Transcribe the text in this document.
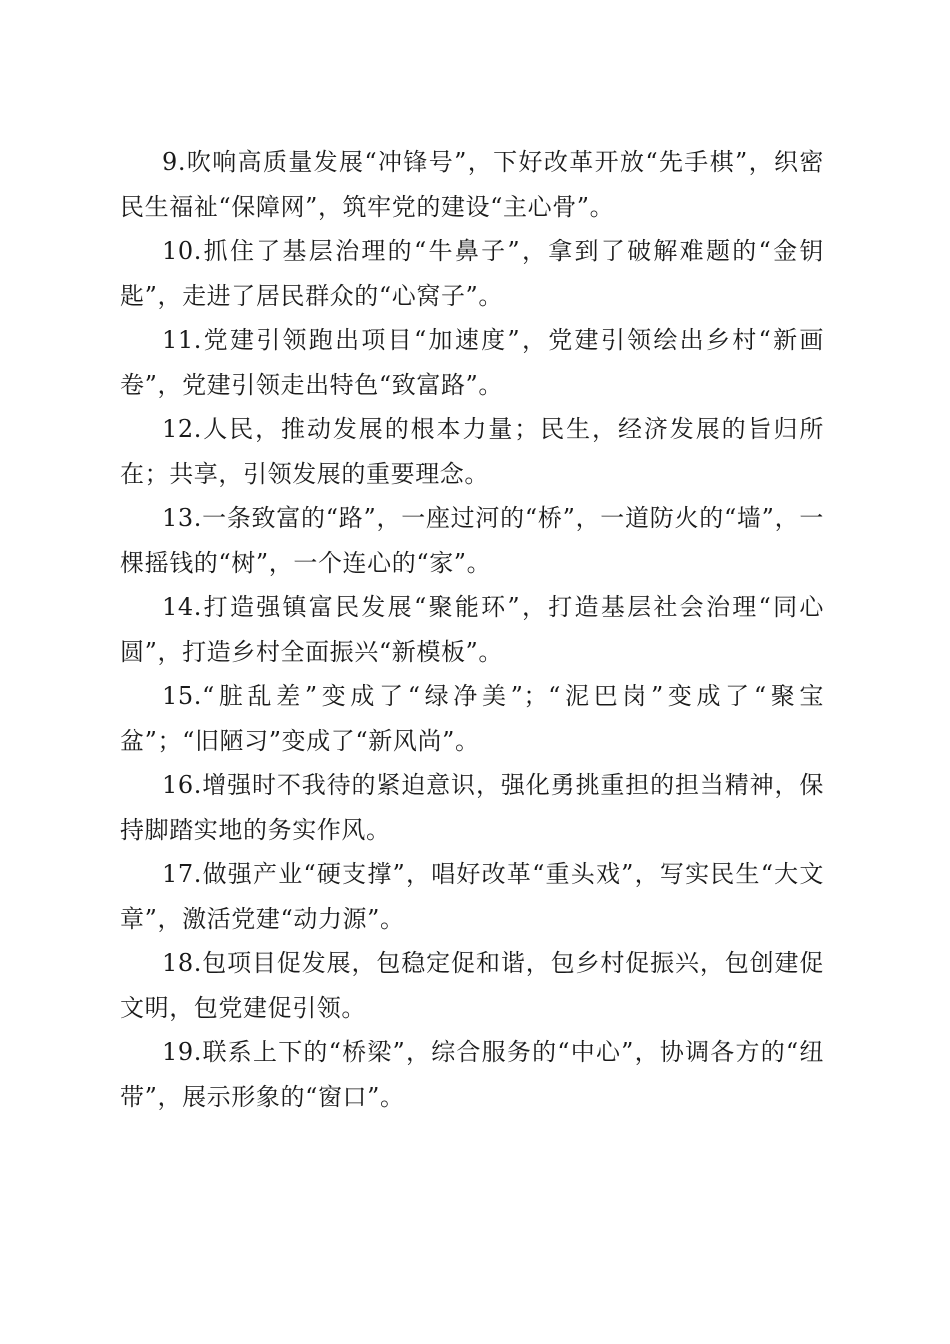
9.吹响高质量发展“冲锋号”，下好改革开放“先手棋”，织密民生福祉“保障网”，筑牢党的建设“主心骨”。

10.抓住了基层治理的“牛鼻子”，拿到了破解难题的“金钥匙”，走进了居民群众的“心窝子”。

11.党建引领跑出项目“加速度”，党建引领绘出乡村“新画卷”，党建引领走出特色“致富路”。

12.人民，推动发展的根本力量；民生，经济发展的旨归所在；共享，引领发展的重要理念。

13.一条致富的“路”，一座过河的“桥”，一道防火的“墙”，一棵摇钱的“树”，一个连心的“家”。

14.打造强镇富民发展“聚能环”，打造基层社会治理“同心圆”，打造乡村全面振兴“新模板”。

15.“脏乱差”变成了“绿净美”；“泥巴岗”变成了“聚宝盆”；“旧陋习”变成了“新风尚”。

16.增强时不我待的紧迫意识，强化勇挑重担的担当精神，保持脚踏实地的务实作风。

17.做强产业“硬支撑”，唱好改革“重头戏”，写实民生“大文章”，激活党建“动力源”。

18.包项目促发展，包稳定促和谐，包乡村促振兴，包创建促文明，包党建促引领。

19.联系上下的“桥梁”，综合服务的“中心”，协调各方的“纽带”，展示形象的“窗口”。
